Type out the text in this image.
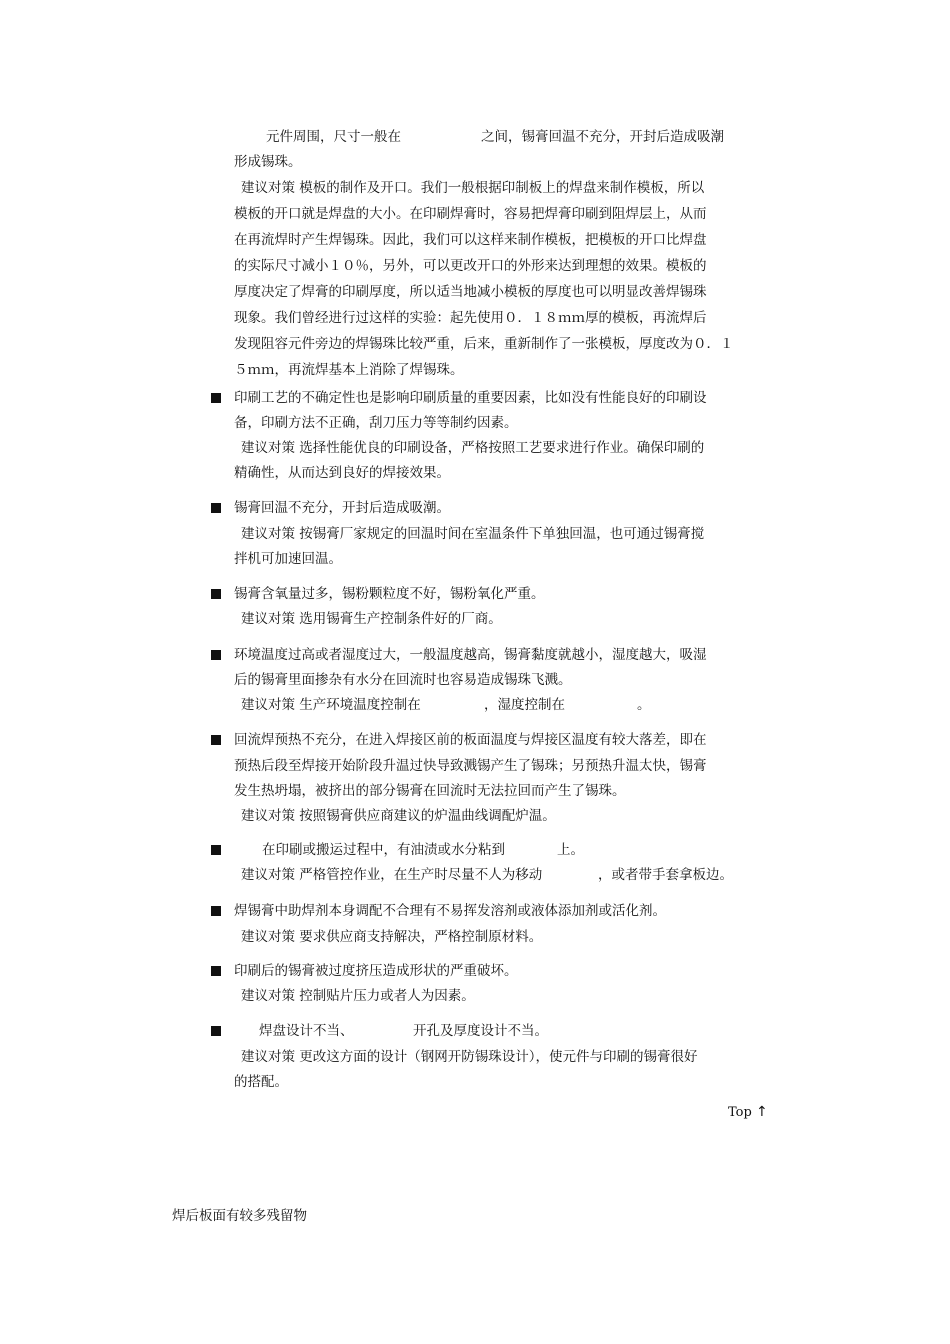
元件周围，尺寸一般在	之间，锡膏回温不充分，开封后造成吸潮
形成锡珠。
建议对策 模板的制作及开口。我们一般根据印制板上的焊盘来制作模板，所以
模板的开口就是焊盘的大小。在印刷焊膏时，容易把焊膏印刷到阻焊层上，从而
在再流焊时产生焊锡珠。因此，我们可以这样来制作模板，把模板的开口比焊盘
的实际尺寸减小１０％，另外，可以更改开口的外形来达到理想的效果。模板的
厚度决定了焊膏的印刷厚度，所以适当地减小模板的厚度也可以明显改善焊锡珠
现象。我们曾经进行过这样的实验：起先使用０．１８ｍｍ厚的模板，再流焊后
发现阻容元件旁边的焊锡珠比较严重，后来，重新制作了一张模板，厚度改为０．１
５ｍｍ，再流焊基本上消除了焊锡珠。
印刷工艺的不确定性也是影响印刷质量的重要因素，比如没有性能良好的印刷设
备，印刷方法不正确，刮刀压力等等制约因素。
建议对策 选择性能优良的印刷设备，严格按照工艺要求进行作业。确保印刷的
精确性，从而达到良好的焊接效果。
锡膏回温不充分，开封后造成吸潮。
建议对策 按锡膏厂家规定的回温时间在室温条件下单独回温，也可通过锡膏搅
拌机可加速回温。
锡膏含氧量过多，锡粉颗粒度不好，锡粉氧化严重。
建议对策 选用锡膏生产控制条件好的厂商。
环境温度过高或者湿度过大，一般温度越高，锡膏黏度就越小，湿度越大，吸湿
后的锡膏里面掺杂有水分在回流时也容易造成锡珠飞溅。
建议对策 生产环境温度控制在	，湿度控制在	。
回流焊预热不充分，在进入焊接区前的板面温度与焊接区温度有较大落差，即在
预热后段至焊接开始阶段升温过快导致溅锡产生了锡珠；另预热升温太快，锡膏
发生热坍塌，被挤出的部分锡膏在回流时无法拉回而产生了锡珠。
建议对策 按照锡膏供应商建议的炉温曲线调配炉温。
在印刷或搬运过程中，有油渍或水分粘到	上。
建议对策 严格管控作业，在生产时尽量不人为移动	，或者带手套拿板边。
焊锡膏中助焊剂本身调配不合理有不易挥发溶剂或液体添加剂或活化剂。
建议对策 要求供应商支持解决，严格控制原材料。
印刷后的锡膏被过度挤压造成形状的严重破坏。
建议对策 控制贴片压力或者人为因素。
焊盘设计不当、	开孔及厚度设计不当。
建议对策 更改这方面的设计（钢网开防锡珠设计），使元件与印刷的锡膏很好
的搭配。
Top ↑
焊后板面有较多残留物
